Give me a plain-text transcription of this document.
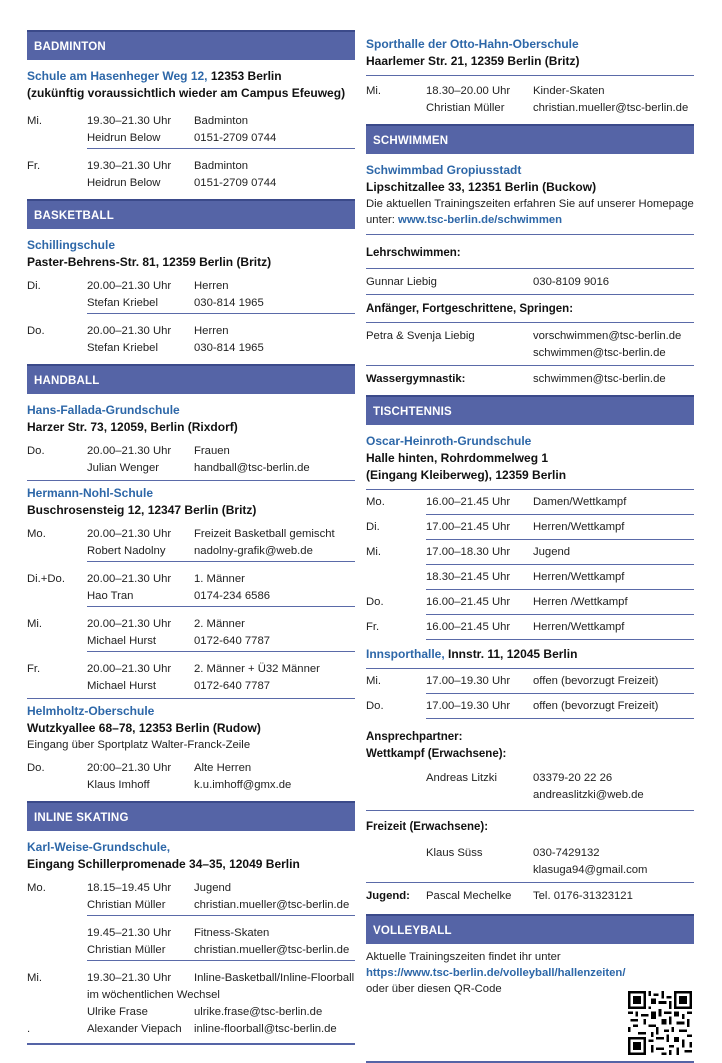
BADMINTON
Schule am Hasenheger Weg 12, 12353 Berlin
(zukünftig voraussichtlich wieder am Campus Efeuweg)
Mi.	19.30–21.30 Uhr	Badminton
Heidrun Below	0151-2709 0744
Fr.	19.30–21.30 Uhr	Badminton
Heidrun Below	0151-2709 0744
BASKETBALL
Schillingschule
Paster-Behrens-Str. 81, 12359 Berlin (Britz)
Di.	20.00–21.30 Uhr	Herren
Stefan Kriebel	030-814 1965
Do.	20.00–21.30 Uhr	Herren
Stefan Kriebel	030-814 1965
HANDBALL
Hans-Fallada-Grundschule
Harzer Str. 73, 12059, Berlin (Rixdorf)
Do.	20.00–21.30 Uhr	Frauen
Julian Wenger	handball@tsc-berlin.de
Hermann-Nohl-Schule
Buschrosensteig 12, 12347 Berlin (Britz)
Mo.	20.00–21.30 Uhr	Freizeit Basketball gemischt
Robert Nadolny	nadolny-grafik@web.de
Di.+Do.	20.00–21.30 Uhr	1. Männer
Hao Tran	0174-234 6586
Mi.	20.00–21.30 Uhr	2. Männer
Michael Hurst	0172-640 7787
Fr.	20.00–21.30 Uhr	2. Männer + Ü32 Männer
Michael Hurst	0172-640 7787
Helmholtz-Oberschule
Wutzkyallee 68–78, 12353 Berlin (Rudow)
Eingang über Sportplatz Walter-Franck-Zeile
Do.	20:00–21.30 Uhr	Alte Herren
Klaus Imhoff	k.u.imhoff@gmx.de
INLINE SKATING
Karl-Weise-Grundschule,
Eingang Schillerpromenade 34–35, 12049 Berlin
Mo.	18.15–19.45 Uhr	Jugend
Christian Müller	christian.mueller@tsc-berlin.de
19.45–21.30 Uhr	Fitness-Skaten
Christian Müller	christian.mueller@tsc-berlin.de
Mi.	19.30–21.30 Uhr	Inline-Basketball/Inline-Floorball
im wöchentlichen Wechsel
Ulrike Frase	ulrike.frase@tsc-berlin.de
.	Alexander Viepach	inline-floorball@tsc-berlin.de
Sporthalle der Otto-Hahn-Oberschule
Haarlemer Str. 21, 12359 Berlin (Britz)
Mi.	18.30–20.00 Uhr	Kinder-Skaten
Christian Müller	christian.mueller@tsc-berlin.de
SCHWIMMEN
Schwimmbad Gropiusstadt
Lipschitzallee 33, 12351 Berlin (Buckow)
Die aktuellen Trainingszeiten erfahren Sie auf unserer Homepage
unter: www.tsc-berlin.de/schwimmen
Lehrschwimmen:
Gunnar Liebig	030-8109 9016
Anfänger, Fortgeschrittene, Springen:
Petra & Svenja Liebig	vorschwimmen@tsc-berlin.de
schwimmen@tsc-berlin.de
Wassergymnastik:	schwimmen@tsc-berlin.de
TISCHTENNIS
Oscar-Heinroth-Grundschule
Halle hinten, Rohrdommelweg 1
(Eingang Kleiberweg), 12359 Berlin
Mo.	16.00–21.45 Uhr	Damen/Wettkampf
Di.	17.00–21.45 Uhr	Herren/Wettkampf
Mi.	17.00–18.30 Uhr	Jugend
18.30–21.45 Uhr	Herren/Wettkampf
Do.	16.00–21.45 Uhr	Herren /Wettkampf
Fr.	16.00–21.45 Uhr	Herren/Wettkampf
Innsporthalle, Innstr. 11, 12045 Berlin
Mi.	17.00–19.30 Uhr	offen (bevorzugt Freizeit)
Do.	17.00–19.30 Uhr	offen (bevorzugt Freizeit)
Ansprechpartner:
Wettkampf (Erwachsene):
Andreas Litzki	03379-20 22 26
andreaslitzki@web.de
Freizeit (Erwachsene):
Klaus Süss	030-7429132
klasuga94@gmail.com
Jugend:	Pascal Mechelke	Tel. 0176-31323121
VOLLEYBALL
Aktuelle Trainingszeiten findet ihr unter
https://www.tsc-berlin.de/volleyball/hallenzeiten/
oder über diesen QR-Code
